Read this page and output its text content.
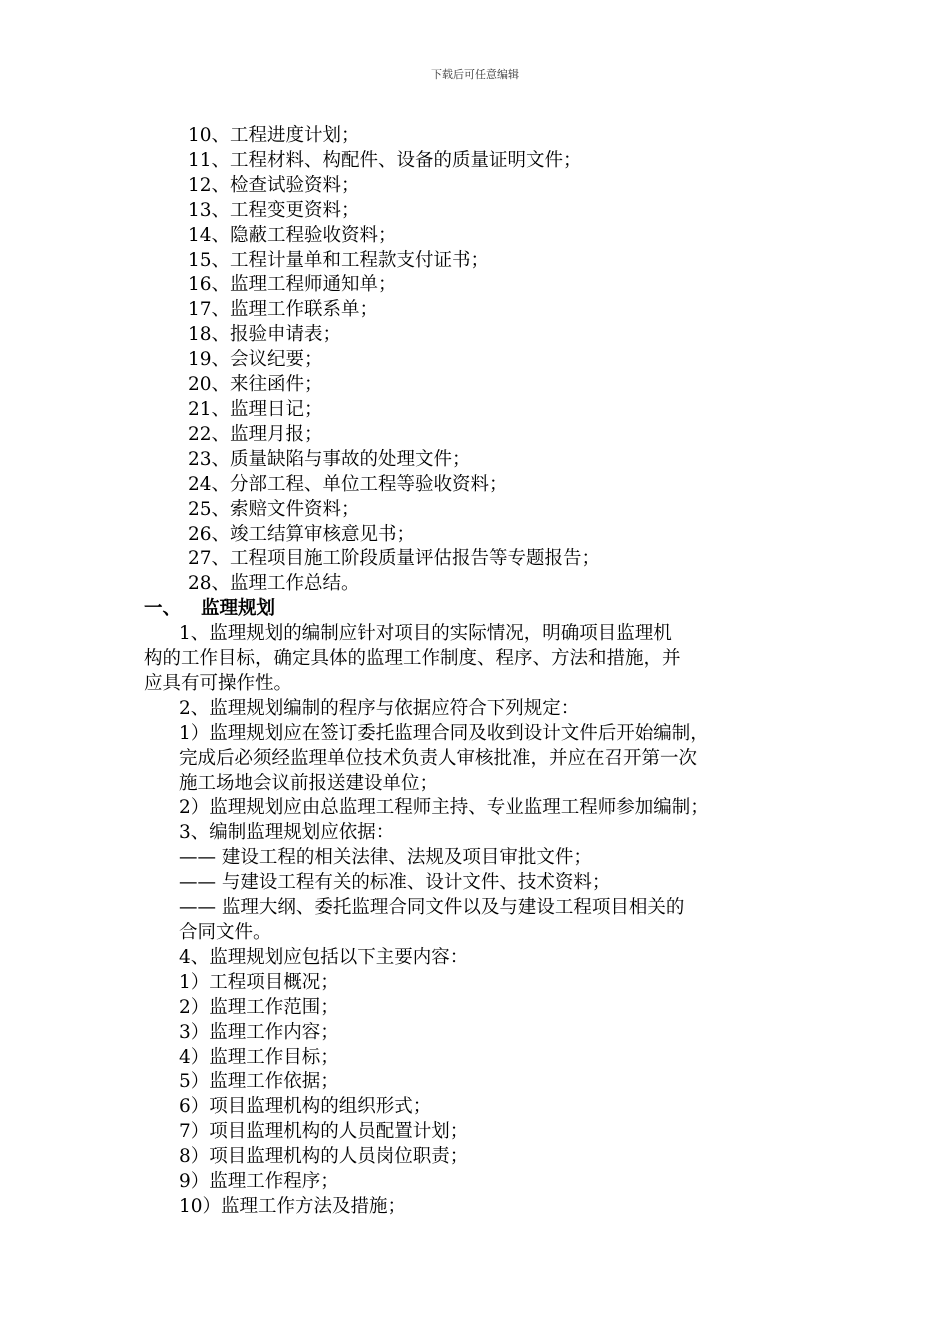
下载后可任意编辑
10、工程进度计划；
11、工程材料、构配件、设备的质量证明文件；
12、检查试验资料；
13、工程变更资料；
14、隐蔽工程验收资料；
15、工程计量单和工程款支付证书；
16、监理工程师通知单；
17、监理工作联系单；
18、报验申请表；
19、会议纪要；
20、来往函件；
21、监理日记；
22、监理月报；
23、质量缺陷与事故的处理文件；
24、分部工程、单位工程等验收资料；
25、索赔文件资料；
26、竣工结算审核意见书；
27、工程项目施工阶段质量评估报告等专题报告；
28、监理工作总结。
一、 监理规划
1、监理规划的编制应针对项目的实际情况，明确项目监理机
构的工作目标，确定具体的监理工作制度、程序、方法和措施，并
应具有可操作性。
2、监理规划编制的程序与依据应符合下列规定：
1）监理规划应在签订委托监理合同及收到设计文件后开始编制，
完成后必须经监理单位技术负责人审核批准，并应在召开第一次
施工场地会议前报送建设单位；
2）监理规划应由总监理工程师主持、专业监理工程师参加编制；
3、编制监理规划应依据：
—— 建设工程的相关法律、法规及项目审批文件；
—— 与建设工程有关的标准、设计文件、技术资料；
—— 监理大纲、委托监理合同文件以及与建设工程项目相关的
合同文件。
4、监理规划应包括以下主要内容：
1）工程项目概况；
2）监理工作范围；
3）监理工作内容；
4）监理工作目标；
5）监理工作依据；
6）项目监理机构的组织形式；
7）项目监理机构的人员配置计划；
8）项目监理机构的人员岗位职责；
9）监理工作程序；
10）监理工作方法及措施；
